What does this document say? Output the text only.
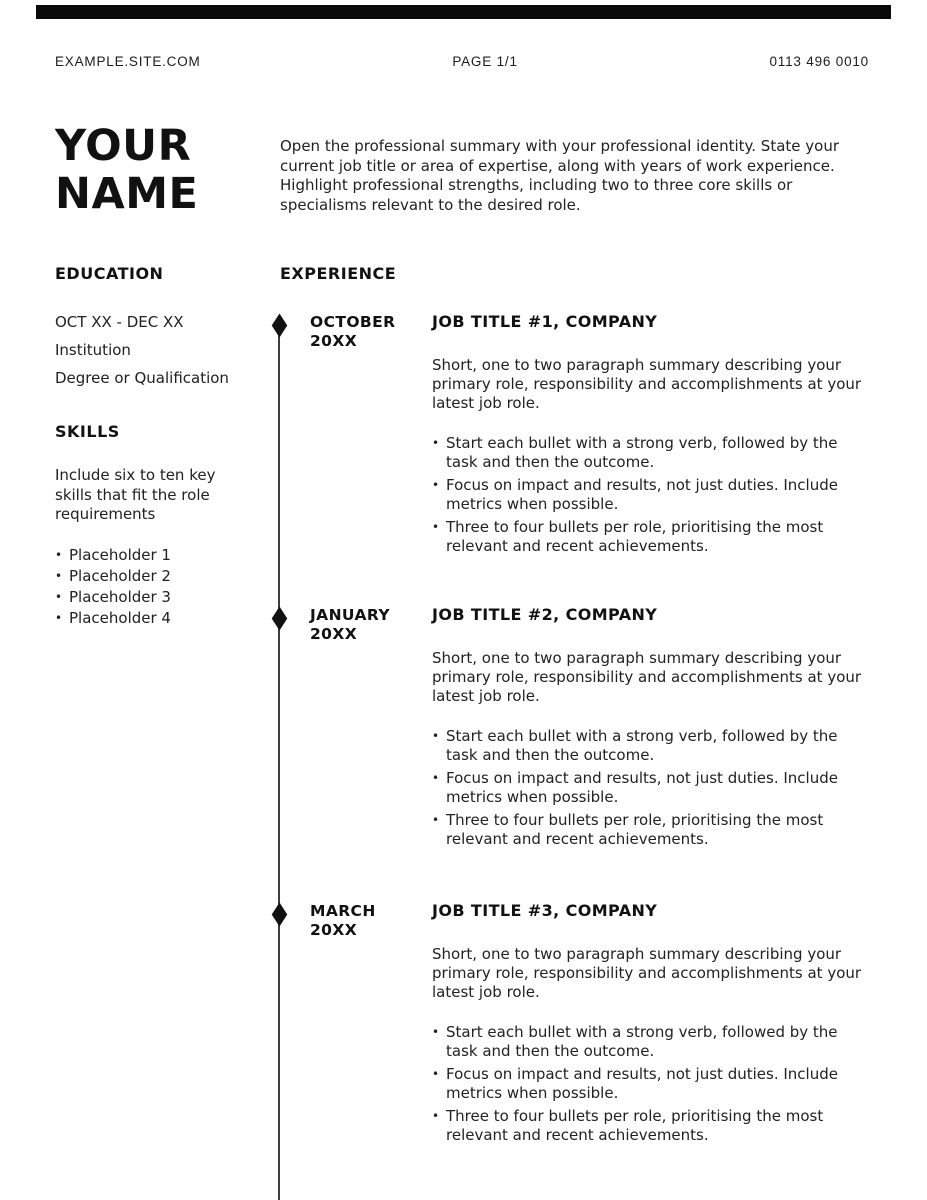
EXAMPLE.SITE.COM	PAGE 1/1	0113 496 0010
YOUR
NAME

Open the professional summary with your professional identity. State your current job title or area of expertise, along with years of work experience. Highlight professional strengths, including two to three core skills or specialisms relevant to the desired role.

EDUCATION

OCT XX - DEC XX

Institution

Degree or Qualification

SKILLS

Include six to ten key skills that fit the role requirements

• Placeholder 1
• Placeholder 2
• Placeholder 3
• Placeholder 4
EXPERIENCE
OCTOBER
20XX
JOB TITLE #1, COMPANY

Short, one to two paragraph summary describing your primary role, responsibility and accomplishments at your latest job role.

• Start each bullet with a strong verb, followed by the task and then the outcome.
• Focus on impact and results, not just duties. Include metrics when possible.
• Three to four bullets per role, prioritising the most relevant and recent achievements.
JANUARY
20XX
JOB TITLE #2, COMPANY

Short, one to two paragraph summary describing your primary role, responsibility and accomplishments at your latest job role.

• Start each bullet with a strong verb, followed by the task and then the outcome.
• Focus on impact and results, not just duties. Include metrics when possible.
• Three to four bullets per role, prioritising the most relevant and recent achievements.
MARCH
20XX
JOB TITLE #3, COMPANY

Short, one to two paragraph summary describing your primary role, responsibility and accomplishments at your latest job role.

• Start each bullet with a strong verb, followed by the task and then the outcome.
• Focus on impact and results, not just duties. Include metrics when possible.
• Three to four bullets per role, prioritising the most relevant and recent achievements.
